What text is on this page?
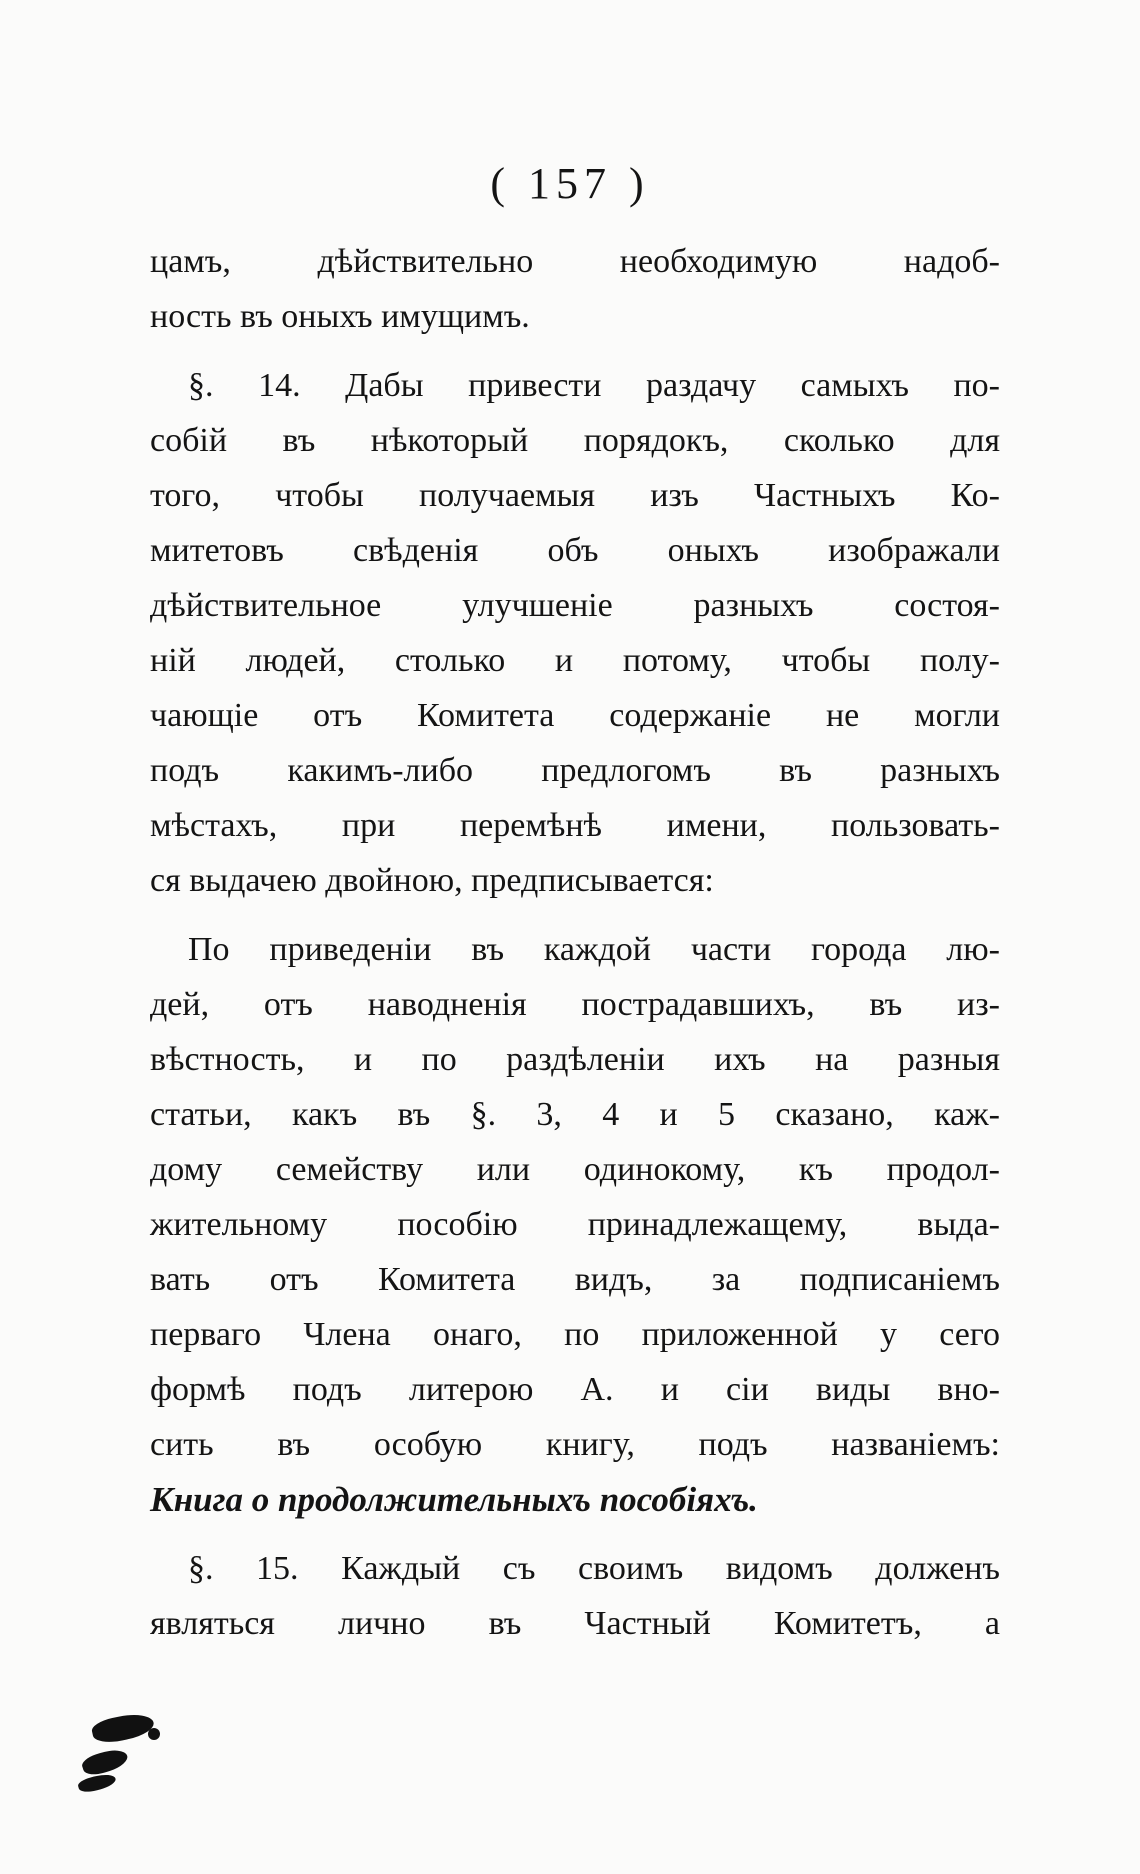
( 157 )
цамъ, дѣйствительно необходимую надоб-
ность въ оныхъ имущимъ.
§. 14. Дабы привести раздачу самыхъ по-
собій въ нѣкоторый порядокъ, сколько для
того, чтобы получаемыя изъ Частныхъ Ко-
митетовъ свѣденія объ оныхъ изображали
дѣйствительное улучшеніе разныхъ состоя-
ній людей, столько и потому, чтобы полу-
чающіе отъ Комитета содержаніе не могли
подъ какимъ-либо предлогомъ въ разныхъ
мѣстахъ, при перемѣнѣ имени, пользовать-
ся выдачею двойною, предписывается:
По приведеніи въ каждой части города лю-
дей, отъ наводненія пострадавшихъ, въ из-
вѣстность, и по раздѣленіи ихъ на разныя
статьи, какъ въ §. 3, 4 и 5 сказано, каж-
дому семейству или одинокому, къ продол-
жительному пособію принадлежащему, выда-
вать отъ Комитета видъ, за подписаніемъ
перваго Члена онаго, по приложенной у сего
формѣ подъ литерою А. и сіи виды вно-
сить въ особую книгу, подъ названіемъ:
Книга о продолжительныхъ пособіяхъ.
§. 15. Каждый съ своимъ видомъ долженъ
являться лично въ Частный Комитетъ, а
